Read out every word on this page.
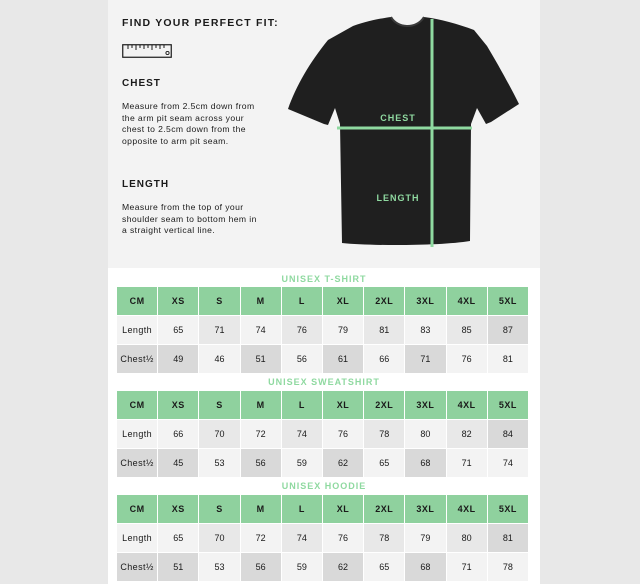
FIND YOUR PERFECT FIT:
CHEST
Measure from 2.5cm down from the arm pit seam across your chest to 2.5cm down from the opposite to arm pit seam.
LENGTH
Measure from the top of your shoulder seam to bottom hem in a straight vertical line.
CHEST
LENGTH
UNISEX T-SHIRT
CM	XS	S	M	L	XL	2XL	3XL	4XL	5XL
Length	65	71	74	76	79	81	83	85	87
Chest½	49	46	51	56	61	66	71	76	81
UNISEX SWEATSHIRT
CM	XS	S	M	L	XL	2XL	3XL	4XL	5XL
Length	66	70	72	74	76	78	80	82	84
Chest½	45	53	56	59	62	65	68	71	74
UNISEX HOODIE
CM	XS	S	M	L	XL	2XL	3XL	4XL	5XL
Length	65	70	72	74	76	78	79	80	81
Chest½	51	53	56	59	62	65	68	71	78
